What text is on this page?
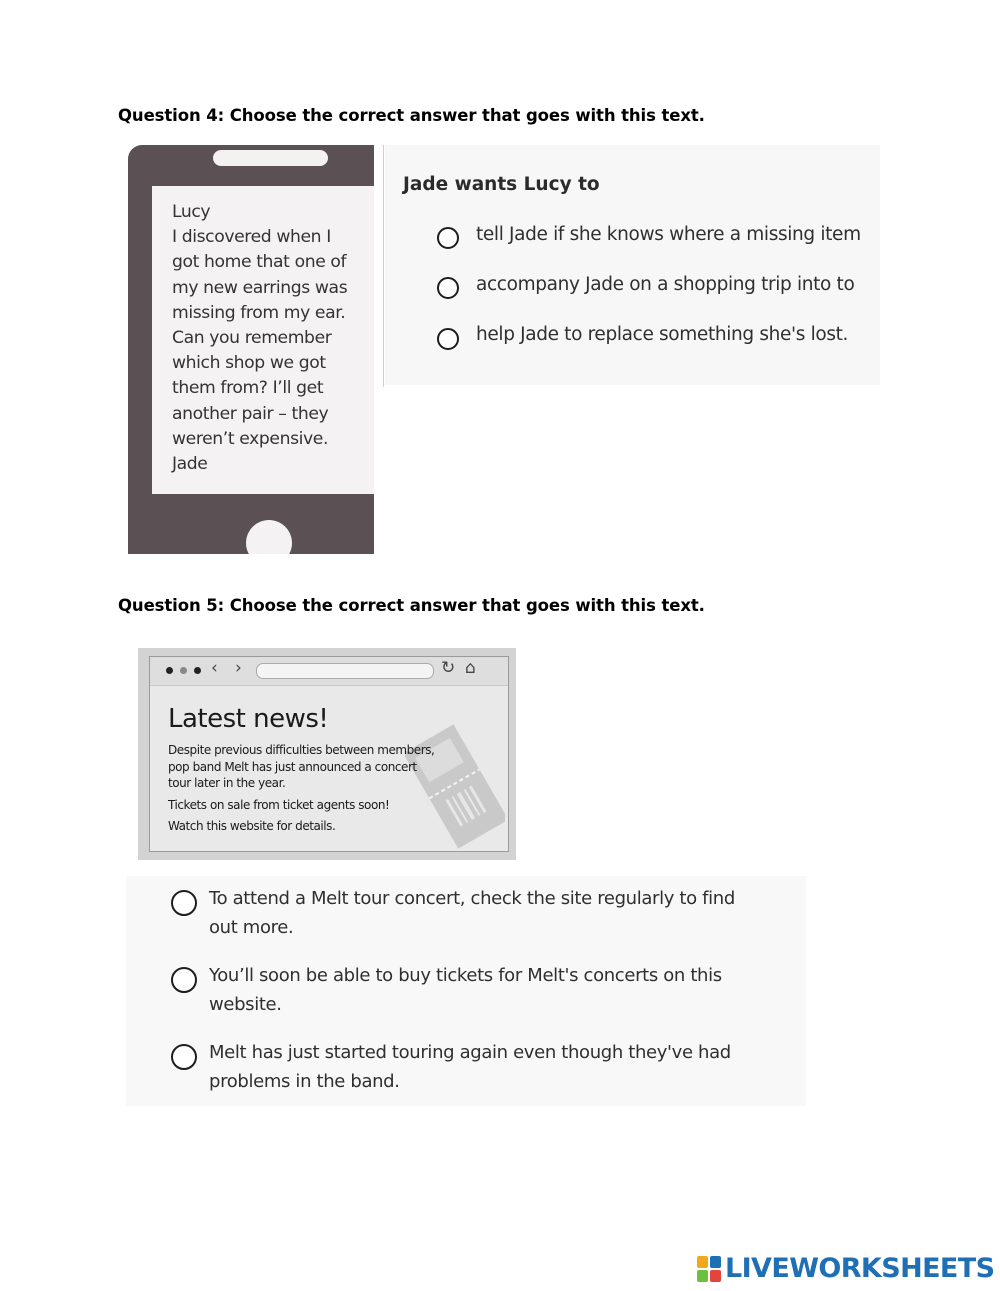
Question 4: Choose the correct answer that goes with this text.
Lucy
I discovered when I
got home that one of
my new earrings was
missing from my ear.
Can you remember
which shop we got
them from? I’ll get
another pair – they
weren’t expensive.
Jade
Jade wants Lucy to
tell Jade if she knows where a missing item
accompany Jade on a shopping trip into to
help Jade to replace something she's lost.
Question 5: Choose the correct answer that goes with this text.
‹ ›	↻ ⌂
Latest news!
Despite previous difficulties between members,
pop band Melt has just announced a concert
tour later in the year.
Tickets on sale from ticket agents soon!
Watch this website for details.
To attend a Melt tour concert, check the site regularly to find
out more.
You’ll soon be able to buy tickets for Melt's concerts on this
website.
Melt has just started touring again even though they've had
problems in the band.
LIVEWORKSHEETS
